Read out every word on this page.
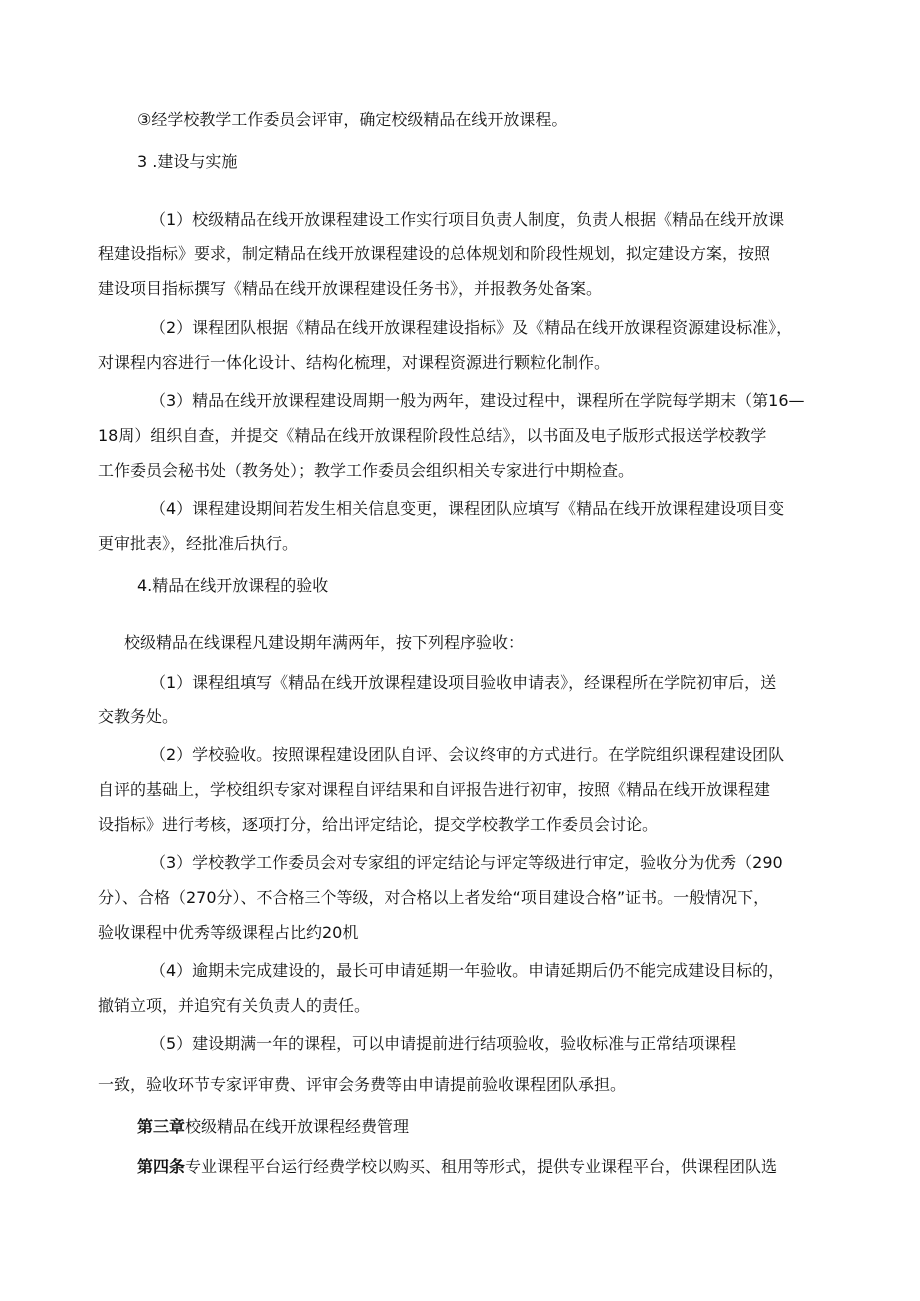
③经学校教学工作委员会评审，确定校级精品在线开放课程。

3 .建设与实施

（1）校级精品在线开放课程建设工作实行项目负责人制度，负责人根据《精品在线开放课

程建设指标》要求，制定精品在线开放课程建设的总体规划和阶段性规划，拟定建设方案，按照

建设项目指标撰写《精品在线开放课程建设任务书》，并报教务处备案。

（2）课程团队根据《精品在线开放课程建设指标》及《精品在线开放课程资源建设标准》，

对课程内容进行一体化设计、结构化梳理，对课程资源进行颗粒化制作。

（3）精品在线开放课程建设周期一般为两年，建设过程中，课程所在学院每学期末（第16—

18周）组织自查，并提交《精品在线开放课程阶段性总结》，以书面及电子版形式报送学校教学

工作委员会秘书处（教务处）；教学工作委员会组织相关专家进行中期检查。

（4）课程建设期间若发生相关信息变更，课程团队应填写《精品在线开放课程建设项目变

更审批表》，经批准后执行。

4.精品在线开放课程的验收

校级精品在线课程凡建设期年满两年，按下列程序验收：

（1）课程组填写《精品在线开放课程建设项目验收申请表》，经课程所在学院初审后，送

交教务处。

（2）学校验收。按照课程建设团队自评、会议终审的方式进行。在学院组织课程建设团队

自评的基础上，学校组织专家对课程自评结果和自评报告进行初审，按照《精品在线开放课程建

设指标》进行考核，逐项打分，给出评定结论，提交学校教学工作委员会讨论。

（3）学校教学工作委员会对专家组的评定结论与评定等级进行审定，验收分为优秀（290

分）、合格（270分）、不合格三个等级，对合格以上者发给“项目建设合格”证书。一般情况下，

验收课程中优秀等级课程占比约20机

（4）逾期未完成建设的，最长可申请延期一年验收。申请延期后仍不能完成建设目标的，

撤销立项，并追究有关负责人的责任。

（5）建设期满一年的课程，可以申请提前进行结项验收，验收标准与正常结项课程

一致，验收环节专家评审费、评审会务费等由申请提前验收课程团队承担。

第三章校级精品在线开放课程经费管理

第四条专业课程平台运行经费学校以购买、租用等形式，提供专业课程平台，供课程团队选
